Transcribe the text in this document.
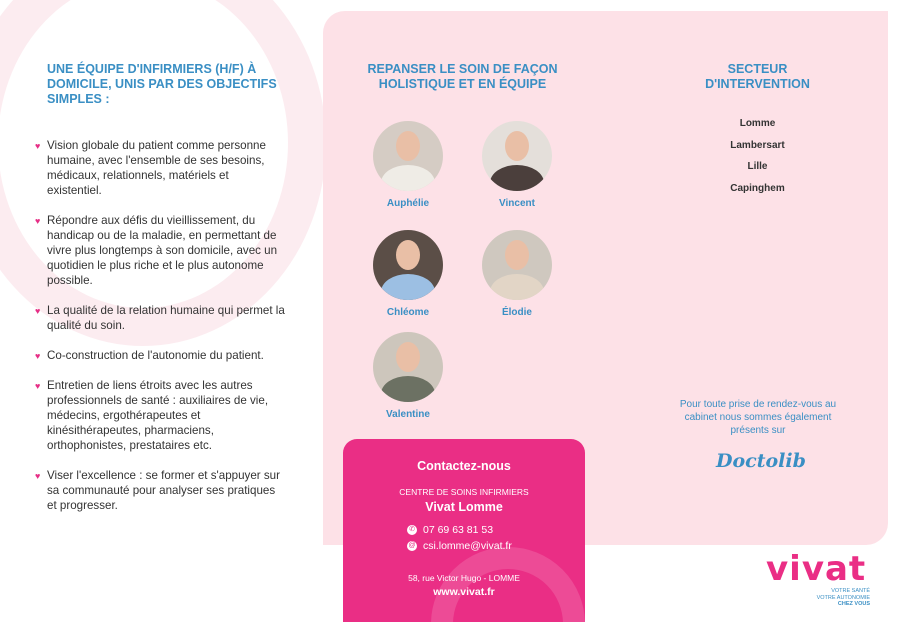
UNE ÉQUIPE D'INFIRMIERS (H/F) À DOMICILE, UNIS PAR DES OBJECTIFS SIMPLES :
♥ Vision globale du patient comme personne humaine, avec l'ensemble de ses besoins, médicaux, relationnels, matériels et existentiel.
♥ Répondre aux défis du vieillissement, du handicap ou de la maladie, en permettant de vivre plus longtemps à son domicile, avec un quotidien le plus riche et le plus autonome possible.
♥ La qualité de la relation humaine qui permet la qualité du soin.
♥ Co-construction de l'autonomie du patient.
♥ Entretien de liens étroits avec les autres professionnels de santé : auxiliaires de vie, médecins, ergothérapeutes et kinésithérapeutes, pharmaciens, orthophonistes, prestataires etc.
♥ Viser l'excellence : se former et s'appuyer sur sa communauté pour analyser ses pratiques et progresser.
REPANSER LE SOIN DE FAÇON HOLISTIQUE ET EN ÉQUIPE
Auphélie	Vincent
Chléome	Élodie
Valentine
SECTEUR D'INTERVENTION
Lomme
Lambersart
Lille
Capinghem
Pour toute prise de rendez-vous au cabinet nous sommes également présents sur
Doctolib
Contactez-nous
CENTRE DE SOINS INFIRMIERS
Vivat Lomme
✆ 07 69 63 81 53
@ csi.lomme@vivat.fr
58, rue Victor Hugo - LOMME
www.vivat.fr
vivat
VOTRE SANTÉ
VOTRE AUTONOMIE
CHEZ VOUS
